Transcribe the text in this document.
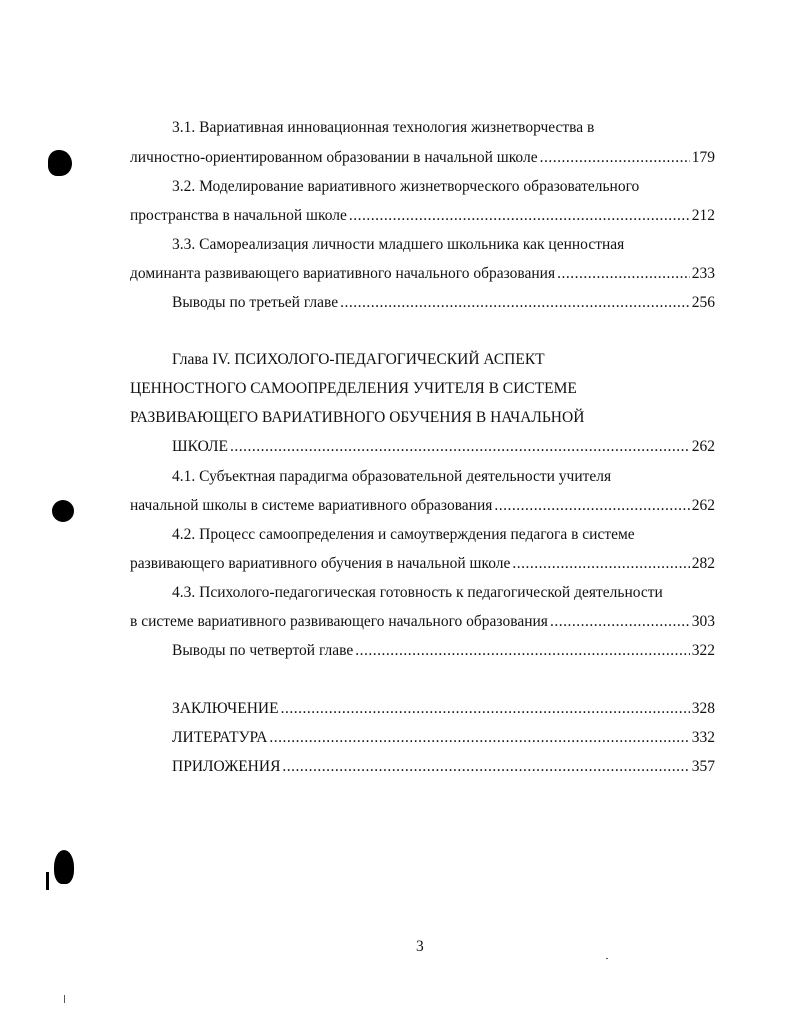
3.1. Вариативная инновационная технология жизнетворчества в
личностно-ориентированном образовании в начальной школе .....	179
3.2. Моделирование вариативного жизнетворческого образовательного
пространства в начальной школе .....	212
3.3. Самореализация личности младшего школьника как ценностная
доминанта развивающего вариативного начального образования .....	233
Выводы по третьей главе .....	256
Глава IV. ПСИХОЛОГО-ПЕДАГОГИЧЕСКИЙ АСПЕКТ
ЦЕННОСТНОГО САМООПРЕДЕЛЕНИЯ УЧИТЕЛЯ В СИСТЕМЕ
РАЗВИВАЮЩЕГО ВАРИАТИВНОГО ОБУЧЕНИЯ В НАЧАЛЬНОЙ
ШКОЛЕ .....	262
4.1. Субъектная парадигма образовательной деятельности учителя
начальной школы в системе вариативного образования .....	262
4.2. Процесс самоопределения и самоутверждения педагога в системе
развивающего вариативного обучения в начальной школе .....	282
4.3. Психолого-педагогическая готовность к педагогической деятельности
в системе вариативного развивающего начального образования .....	303
Выводы по четвертой главе .....	322
ЗАКЛЮЧЕНИЕ .....	328
ЛИТЕРАТУРА .....	332
ПРИЛОЖЕНИЯ .....	357
3
